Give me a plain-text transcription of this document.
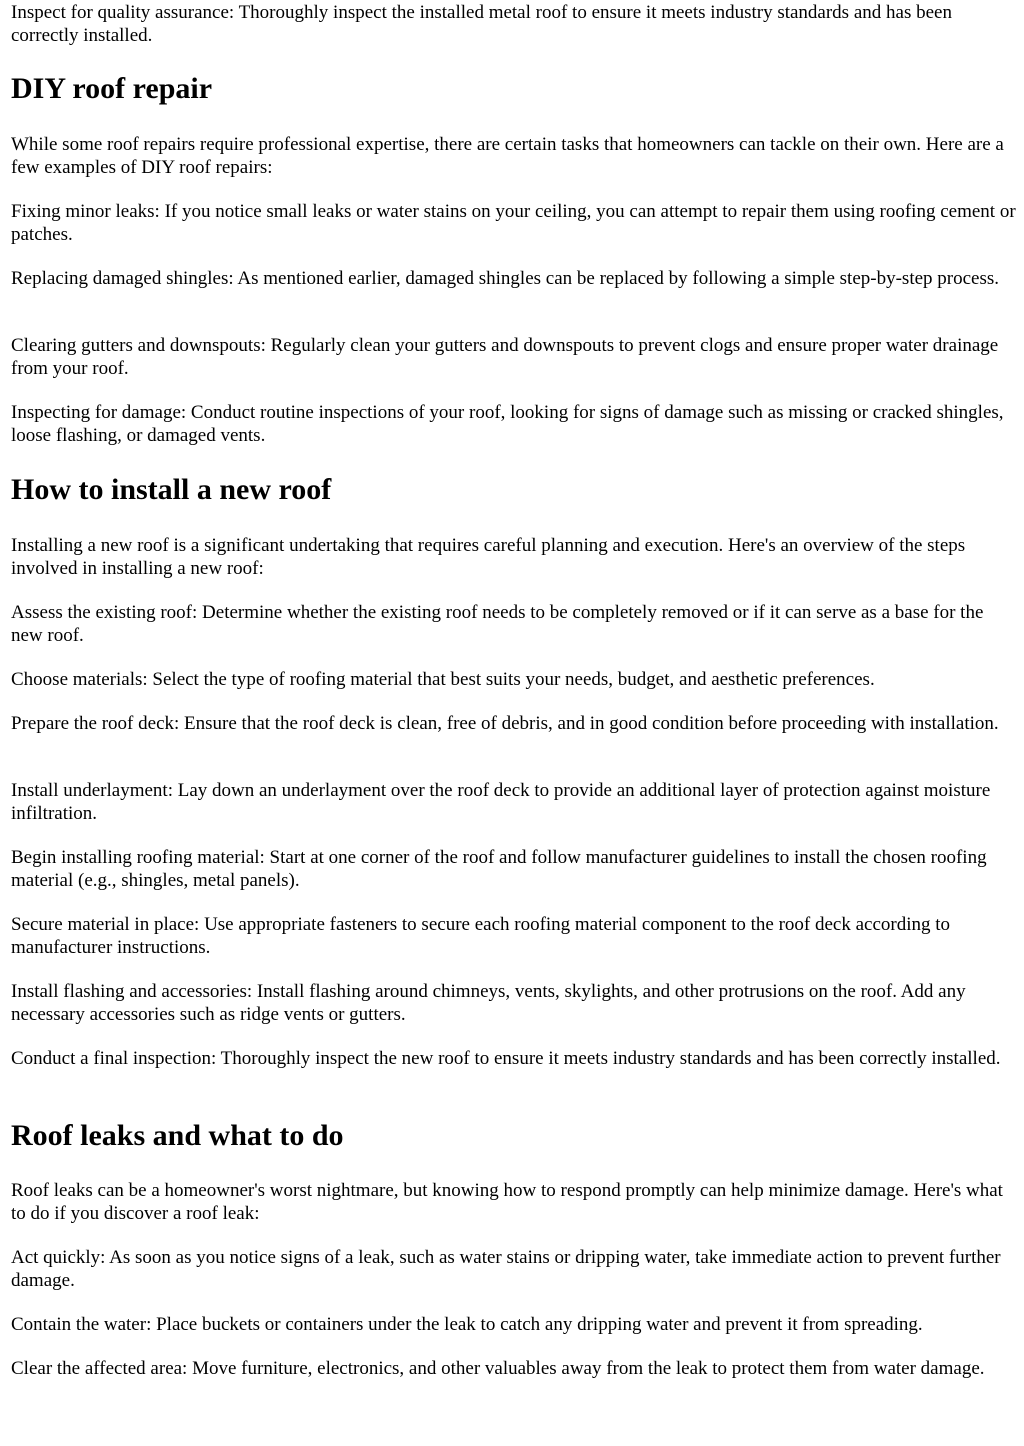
Inspect for quality assurance: Thoroughly inspect the installed metal roof to ensure it meets industry standards and has been correctly installed.

DIY roof repair

While some roof repairs require professional expertise, there are certain tasks that homeowners can tackle on their own. Here are a few examples of DIY roof repairs:

Fixing minor leaks: If you notice small leaks or water stains on your ceiling, you can attempt to repair them using roofing cement or patches.

Replacing damaged shingles: As mentioned earlier, damaged shingles can be replaced by following a simple step-by-step process.

Clearing gutters and downspouts: Regularly clean your gutters and downspouts to prevent clogs and ensure proper water drainage from your roof.

Inspecting for damage: Conduct routine inspections of your roof, looking for signs of damage such as missing or cracked shingles, loose flashing, or damaged vents.

How to install a new roof

Installing a new roof is a significant undertaking that requires careful planning and execution. Here's an overview of the steps involved in installing a new roof:

Assess the existing roof: Determine whether the existing roof needs to be completely removed or if it can serve as a base for the new roof.

Choose materials: Select the type of roofing material that best suits your needs, budget, and aesthetic preferences.

Prepare the roof deck: Ensure that the roof deck is clean, free of debris, and in good condition before proceeding with installation.

Install underlayment: Lay down an underlayment over the roof deck to provide an additional layer of protection against moisture infiltration.

Begin installing roofing material: Start at one corner of the roof and follow manufacturer guidelines to install the chosen roofing material (e.g., shingles, metal panels).

Secure material in place: Use appropriate fasteners to secure each roofing material component to the roof deck according to manufacturer instructions.

Install flashing and accessories: Install flashing around chimneys, vents, skylights, and other protrusions on the roof. Add any necessary accessories such as ridge vents or gutters.

Conduct a final inspection: Thoroughly inspect the new roof to ensure it meets industry standards and has been correctly installed.

Roof leaks and what to do

Roof leaks can be a homeowner's worst nightmare, but knowing how to respond promptly can help minimize damage. Here's what to do if you discover a roof leak:

Act quickly: As soon as you notice signs of a leak, such as water stains or dripping water, take immediate action to prevent further damage.

Contain the water: Place buckets or containers under the leak to catch any dripping water and prevent it from spreading.

Clear the affected area: Move furniture, electronics, and other valuables away from the leak to protect them from water damage.
